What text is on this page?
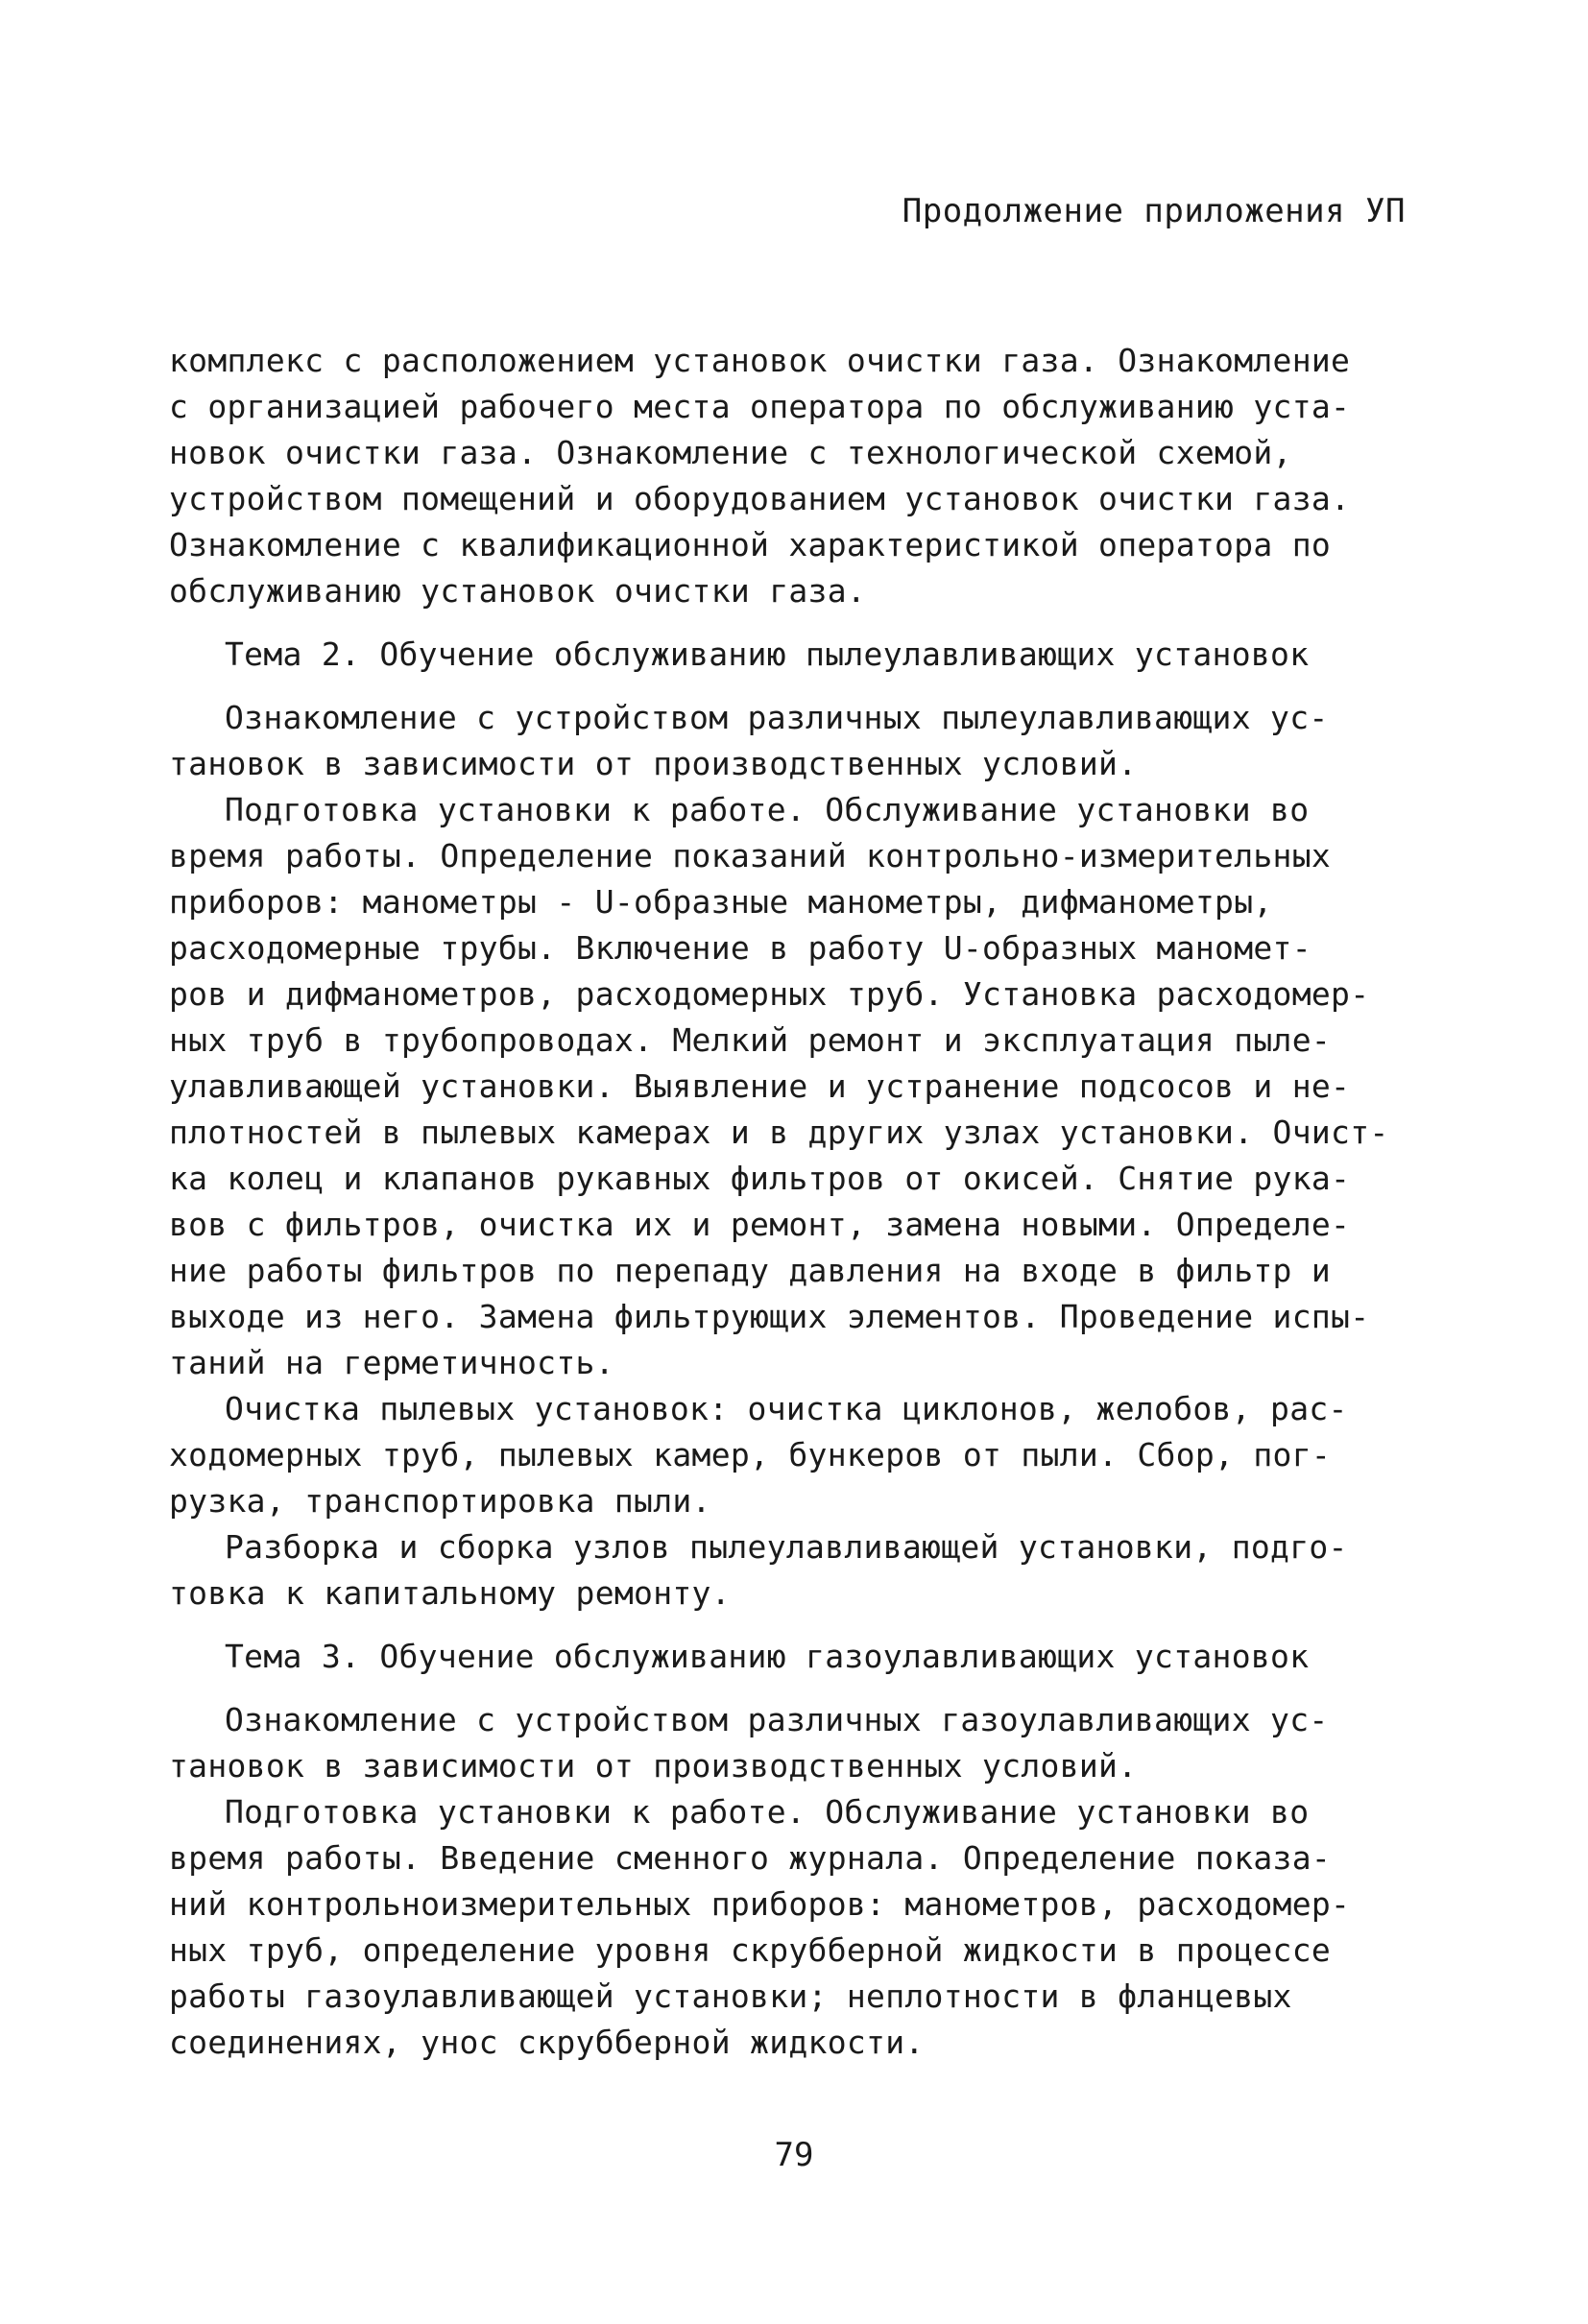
Продолжение приложения УП
комплекс с расположением установок очистки газа. Ознакомление
с организацией рабочего места оператора по обслуживанию уста-
новок очистки газа. Ознакомление с технологической схемой,
устройством помещений и оборудованием установок очистки газа.
Ознакомление с квалификационной характеристикой оператора по
обслуживанию установок очистки газа.
Тема 2. Обучение обслуживанию пылеулавливающих установок
Ознакомление с устройством различных пылеулавливающих ус-
тановок в зависимости от производственных условий.
Подготовка установки к работе. Обслуживание установки во
время работы. Определение показаний контрольно-измерительных
приборов: манометры - U-образные манометры, дифманометры,
расходомерные трубы. Включение в работу U-образных маномет-
ров и дифманометров, расходомерных труб. Установка расходомер-
ных труб в трубопроводах. Мелкий ремонт и эксплуатация пыле-
улавливающей установки. Выявление и устранение подсосов и не-
плотностей в пылевых камерах и в других узлах установки. Очист-
ка колец и клапанов рукавных фильтров от окисей. Снятие рука-
вов с фильтров, очистка их и ремонт, замена новыми. Определе-
ние работы фильтров по перепаду давления на входе в фильтр и
выходе из него. Замена фильтрующих элементов. Проведение испы-
таний на герметичность.
Очистка пылевых установок: очистка циклонов, желобов, рас-
ходомерных труб, пылевых камер, бункеров от пыли. Сбор, пог-
рузка, транспортировка пыли.
Разборка и сборка узлов пылеулавливающей установки, подго-
товка к капитальному ремонту.
Тема 3. Обучение обслуживанию газоулавливающих установок
Ознакомление с устройством различных газоулавливающих ус-
тановок в зависимости от производственных условий.
Подготовка установки к работе. Обслуживание установки во
время работы. Введение сменного журнала. Определение показа-
ний контрольноизмерительных приборов: манометров, расходомер-
ных труб, определение уровня скрубберной жидкости в процессе
работы газоулавливающей установки; неплотности в фланцевых
соединениях, унос скрубберной жидкости.
79
